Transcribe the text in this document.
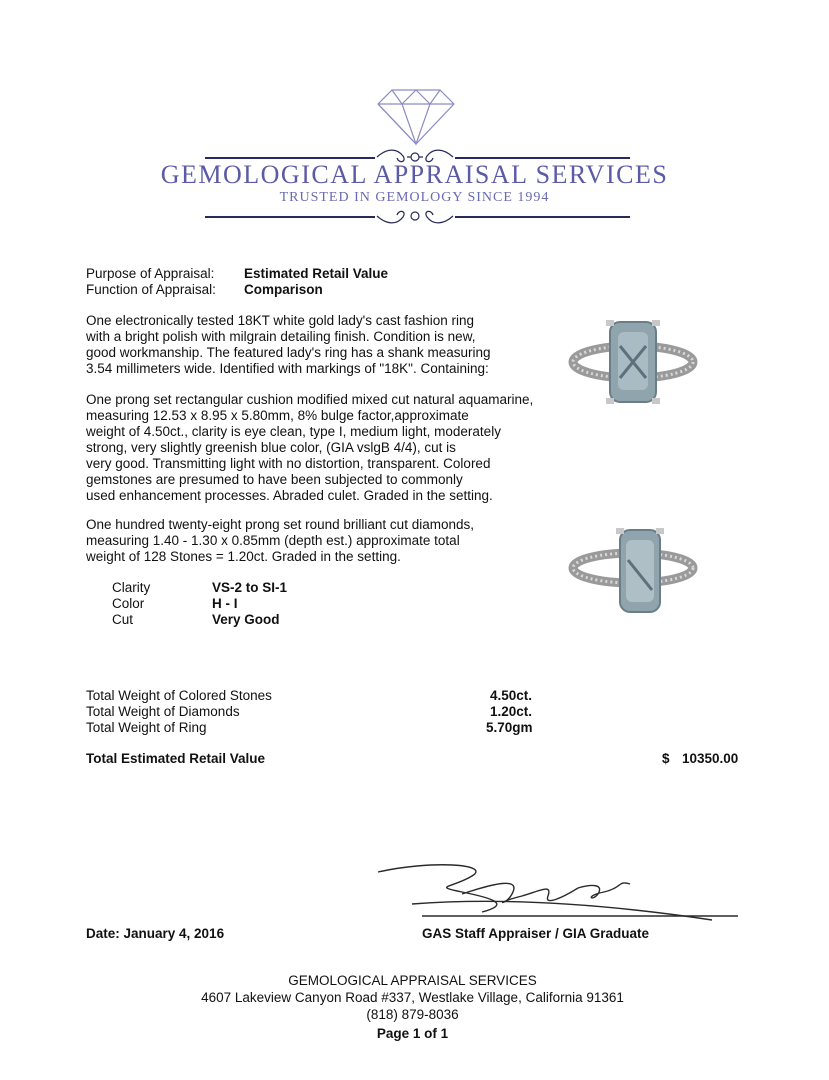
GEMOLOGICAL APPRAISAL SERVICES
TRUSTED IN GEMOLOGY SINCE 1994
Purpose of Appraisal: Estimated Retail Value
Function of Appraisal: Comparison
One electronically tested 18KT white gold lady's cast fashion ring
with a bright polish with milgrain detailing finish. Condition is new,
good workmanship. The featured lady's ring has a shank measuring
3.54 millimeters wide. Identified with markings of "18K". Containing:
One prong set rectangular cushion modified mixed cut natural aquamarine,
measuring 12.53 x 8.95 x 5.80mm, 8% bulge factor,approximate
weight of 4.50ct., clarity is eye clean, type I, medium light, moderately
strong, very slightly greenish blue color, (GIA vslgB 4/4), cut is
very good. Transmitting light with no distortion, transparent. Colored
gemstones are presumed to have been subjected to commonly
used enhancement processes. Abraded culet. Graded in the setting.
One hundred twenty-eight prong set round brilliant cut diamonds,
measuring 1.40 - 1.30 x 0.85mm (depth est.) approximate total
weight of 128 Stones = 1.20ct. Graded in the setting.
Clarity	VS-2 to SI-1
Color	H - I
Cut	Very Good
Total Weight of Colored Stones	4.50ct.
Total Weight of Diamonds	1.20ct.
Total Weight of Ring	5.70gm
Total Estimated Retail Value	$ 10350.00
Date: January 4, 2016	GAS Staff Appraiser / GIA Graduate
GEMOLOGICAL APPRAISAL SERVICES
4607 Lakeview Canyon Road #337, Westlake Village, California 91361
(818) 879-8036
Page 1 of 1
